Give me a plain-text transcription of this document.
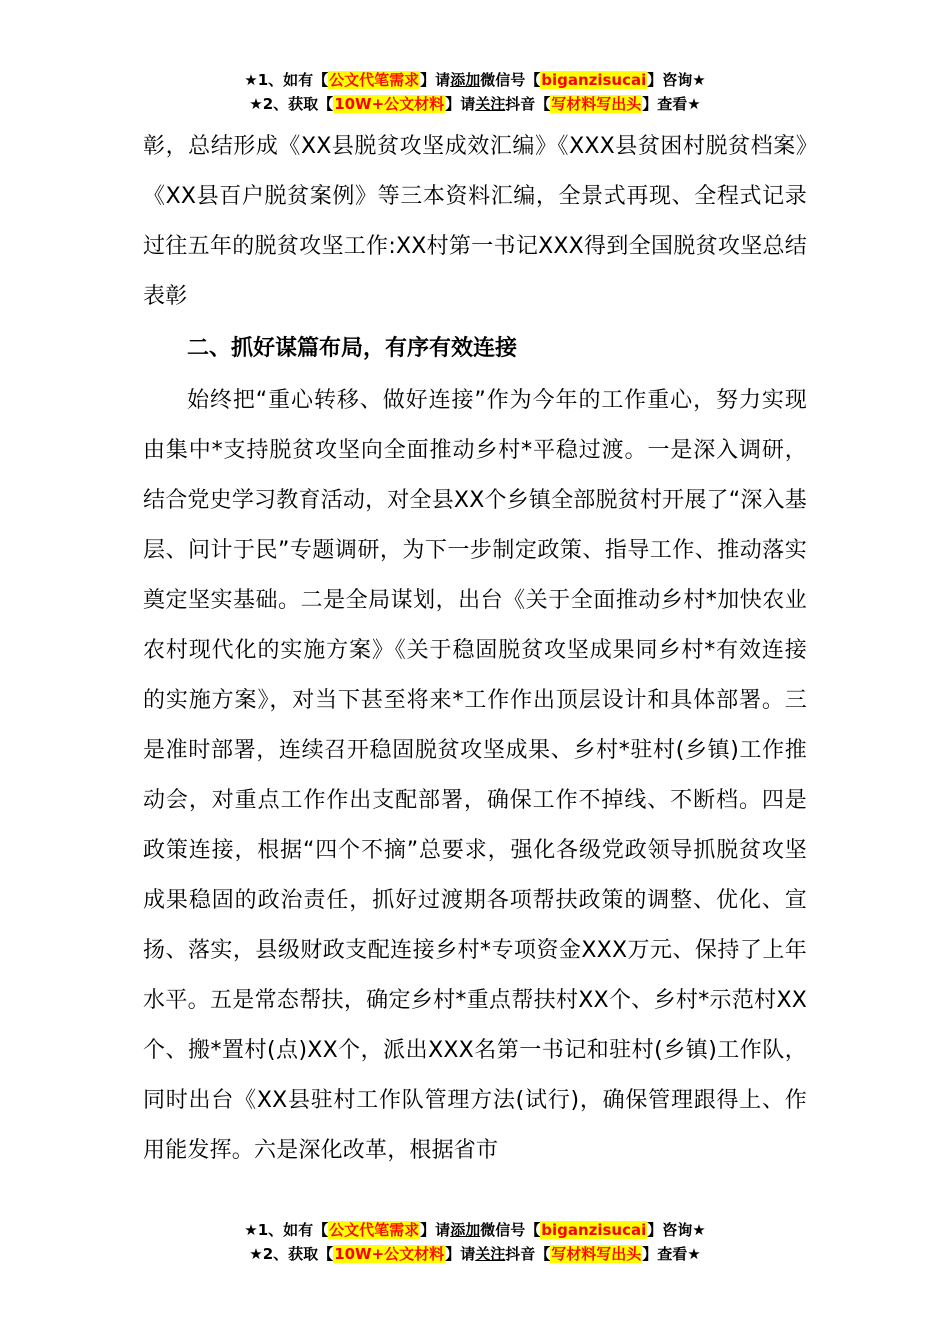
★1、如有【公文代笔需求】请添加微信号【biganzisucai】咨询★
★2、获取【10W+公文材料】请关注抖音【写材料写出头】查看★

彰，总结形成《XX县脱贫攻坚成效汇编》《XXX县贫困村脱贫档案》《XX县百户脱贫案例》等三本资料汇编，全景式再现、全程式记录过往五年的脱贫攻坚工作:XX村第一书记XXX得到全国脱贫攻坚总结表彰

二、抓好谋篇布局，有序有效连接

始终把“重心转移、做好连接”作为今年的工作重心，努力实现由集中*支持脱贫攻坚向全面推动乡村*平稳过渡。一是深入调研，结合党史学习教育活动，对全县XX个乡镇全部脱贫村开展了“深入基层、问计于民”专题调研，为下一步制定政策、指导工作、推动落实奠定坚实基础。二是全局谋划，出台《关于全面推动乡村*加快农业农村现代化的实施方案》《关于稳固脱贫攻坚成果同乡村*有效连接的实施方案》，对当下甚至将来*工作作出顶层设计和具体部署。三是准时部署，连续召开稳固脱贫攻坚成果、乡村*驻村(乡镇)工作推动会，对重点工作作出支配部署，确保工作不掉线、不断档。四是政策连接，根据“四个不摘”总要求，强化各级党政领导抓脱贫攻坚成果稳固的政治责任，抓好过渡期各项帮扶政策的调整、优化、宣扬、落实，县级财政支配连接乡村*专项资金XXX万元、保持了上年水平。五是常态帮扶，确定乡村*重点帮扶村XX个、乡村*示范村XX个、搬*置村(点)XX个，派出XXX名第一书记和驻村(乡镇)工作队，同时出台《XX县驻村工作队管理方法(试行)，确保管理跟得上、作用能发挥。六是深化改革，根据省市

★1、如有【公文代笔需求】请添加微信号【biganzisucai】咨询★
★2、获取【10W+公文材料】请关注抖音【写材料写出头】查看★
